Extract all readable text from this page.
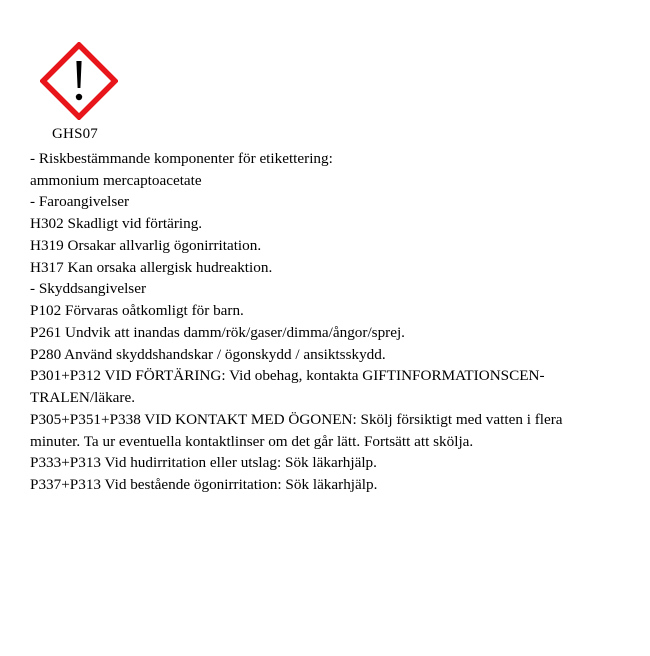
GHS07

- Riskbestämmande komponenter för etikettering:

ammonium mercaptoacetate

- Faroangivelser

H302 Skadligt vid förtäring.

H319 Orsakar allvarlig ögonirritation.

H317 Kan orsaka allergisk hudreaktion.

- Skyddsangivelser

P102 Förvaras oåtkomligt för barn.

P261 Undvik att inandas damm/rök/gaser/dimma/ångor/sprej.

P280 Använd skyddshandskar / ögonskydd / ansiktsskydd.

P301+P312 VID FÖRTÄRING: Vid obehag, kontakta GIFTINFORMATIONSCEN-

TRALEN/läkare.

P305+P351+P338 VID KONTAKT MED ÖGONEN: Skölj försiktigt med vatten i flera

minuter. Ta ur eventuella kontaktlinser om det går lätt. Fortsätt att skölja.

P333+P313 Vid hudirritation eller utslag: Sök läkarhjälp.

P337+P313 Vid bestående ögonirritation: Sök läkarhjälp.
